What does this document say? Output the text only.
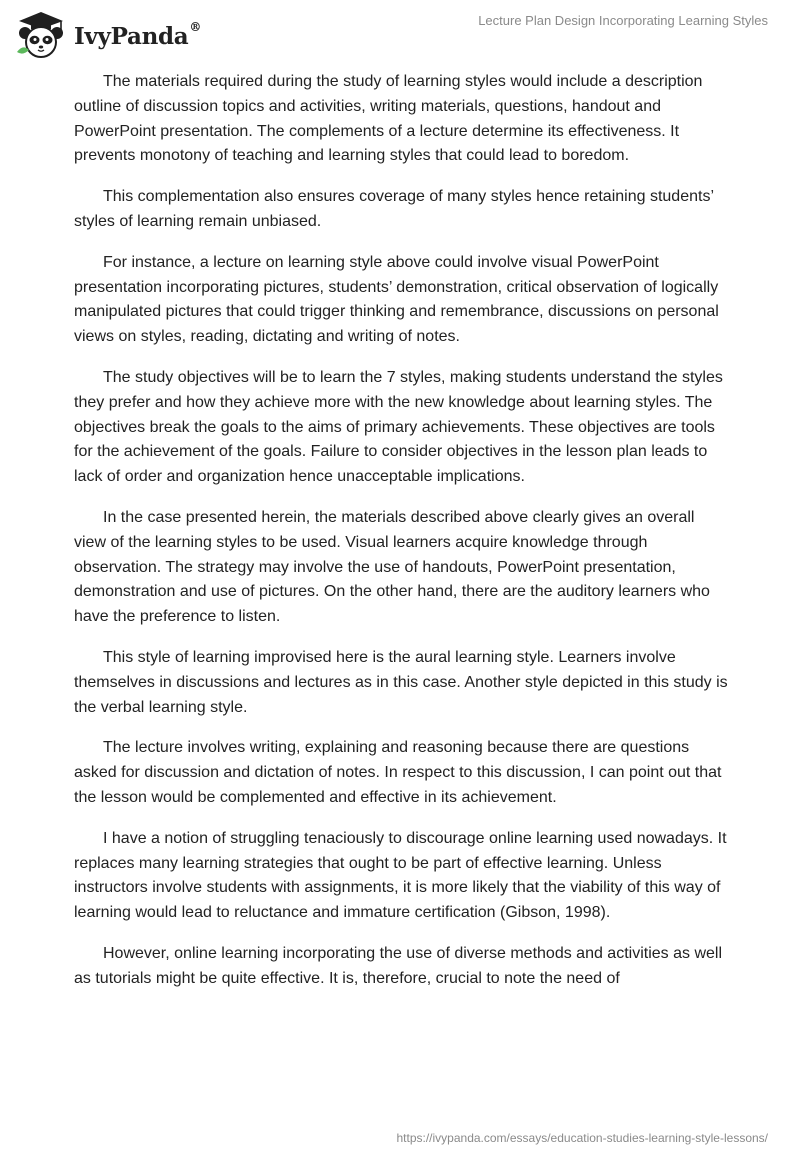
IvyPanda®	Lecture Plan Design Incorporating Learning Styles

The materials required during the study of learning styles would include a description outline of discussion topics and activities, writing materials, questions, handout and PowerPoint presentation. The complements of a lecture determine its effectiveness. It prevents monotony of teaching and learning styles that could lead to boredom.

This complementation also ensures coverage of many styles hence retaining students’ styles of learning remain unbiased.

For instance, a lecture on learning style above could involve visual PowerPoint presentation incorporating pictures, students’ demonstration, critical observation of logically manipulated pictures that could trigger thinking and remembrance, discussions on personal views on styles, reading, dictating and writing of notes.

The study objectives will be to learn the 7 styles, making students understand the styles they prefer and how they achieve more with the new knowledge about learning styles. The objectives break the goals to the aims of primary achievements. These objectives are tools for the achievement of the goals. Failure to consider objectives in the lesson plan leads to lack of order and organization hence unacceptable implications.

In the case presented herein, the materials described above clearly gives an overall view of the learning styles to be used. Visual learners acquire knowledge through observation. The strategy may involve the use of handouts, PowerPoint presentation, demonstration and use of pictures. On the other hand, there are the auditory learners who have the preference to listen.

This style of learning improvised here is the aural learning style. Learners involve themselves in discussions and lectures as in this case. Another style depicted in this study is the verbal learning style.

The lecture involves writing, explaining and reasoning because there are questions asked for discussion and dictation of notes. In respect to this discussion, I can point out that the lesson would be complemented and effective in its achievement.

I have a notion of struggling tenaciously to discourage online learning used nowadays. It replaces many learning strategies that ought to be part of effective learning. Unless instructors involve students with assignments, it is more likely that the viability of this way of learning would lead to reluctance and immature certification (Gibson, 1998).

However, online learning incorporating the use of diverse methods and activities as well as tutorials might be quite effective. It is, therefore, crucial to note the need of

https://ivypanda.com/essays/education-studies-learning-style-lessons/
